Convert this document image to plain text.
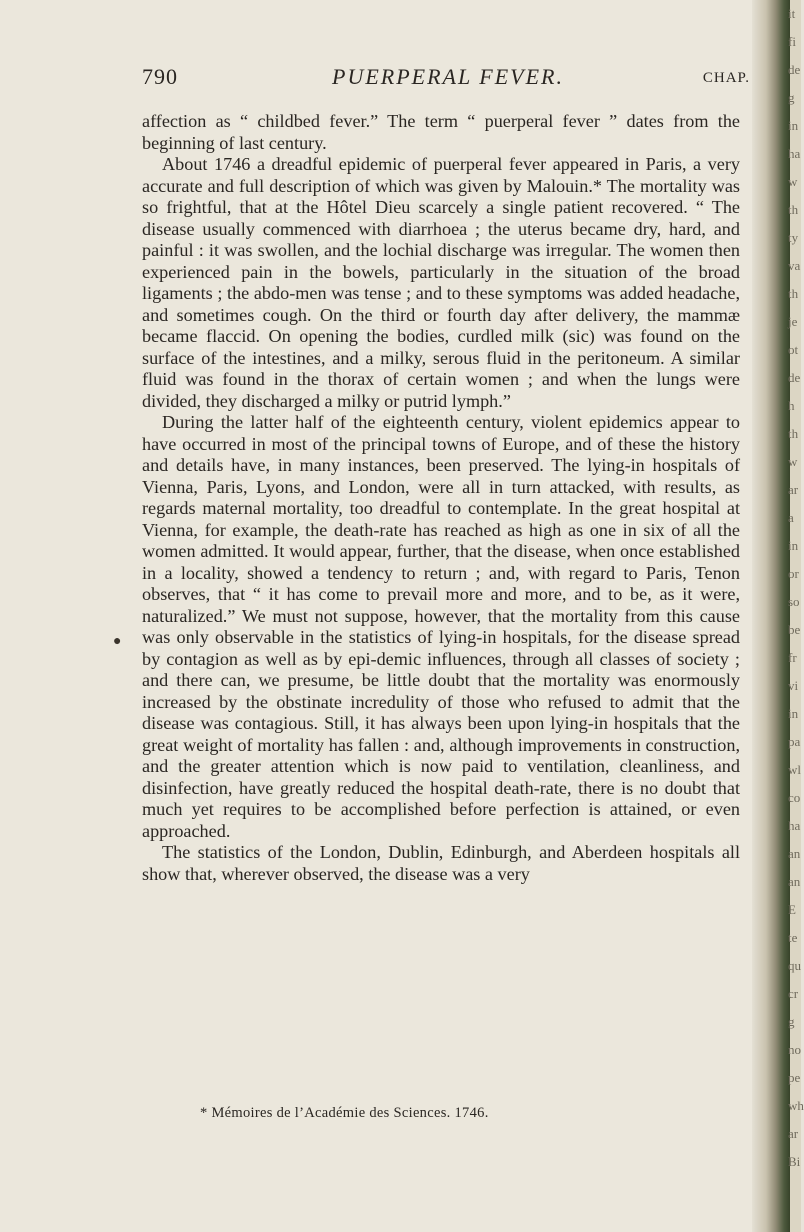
790	PUERPERAL FEVER.	CHAP.
●

affection as “ childbed fever.” The term “ puerperal fever ” dates from the beginning of last century.

About 1746 a dreadful epidemic of puerperal fever appeared in Paris, a very accurate and full description of which was given by Malouin.* The mortality was so frightful, that at the Hôtel Dieu scarcely a single patient recovered. “ The disease usually commenced with diarrhoea ; the uterus became dry, hard, and painful : it was swollen, and the lochial discharge was irregular. The women then experienced pain in the bowels, particularly in the situation of the broad ligaments ; the abdo-men was tense ; and to these symptoms was added headache, and sometimes cough. On the third or fourth day after delivery, the mammæ became flaccid. On opening the bodies, curdled milk (sic) was found on the surface of the intestines, and a milky, serous fluid in the peritoneum. A similar fluid was found in the thorax of certain women ; and when the lungs were divided, they discharged a milky or putrid lymph.”

During the latter half of the eighteenth century, violent epidemics appear to have occurred in most of the principal towns of Europe, and of these the history and details have, in many instances, been preserved. The lying-in hospitals of Vienna, Paris, Lyons, and London, were all in turn attacked, with results, as regards maternal mortality, too dreadful to contemplate. In the great hospital at Vienna, for example, the death-rate has reached as high as one in six of all the women admitted. It would appear, further, that the disease, when once established in a locality, showed a tendency to return ; and, with regard to Paris, Tenon observes, that “ it has come to prevail more and more, and to be, as it were, naturalized.” We must not suppose, however, that the mortality from this cause was only observable in the statistics of lying-in hospitals, for the disease spread by contagion as well as by epi-demic influences, through all classes of society ; and there can, we presume, be little doubt that the mortality was enormously increased by the obstinate incredulity of those who refused to admit that the disease was contagious. Still, it has always been upon lying-in hospitals that the great weight of mortality has fallen : and, although improvements in construction, and the greater attention which is now paid to ventilation, cleanliness, and disinfection, have greatly reduced the hospital death-rate, there is no doubt that much yet requires to be accomplished before perfection is attained, or even approached.

The statistics of the London, Dublin, Edinburgh, and Aberdeen hospitals all show that, wherever observed, the disease was a very

* Mémoires de l’Académie des Sciences. 1746.
it
fi
de
g
in
ha
w
th
ty
va
th
je
ot
de
h
th
w
ar
a
in
or
so
be
fr
vi
in
pa
wl
co
ha
an
an
E
te
qu
cr
g
no
pe
wh
ar
Bi
